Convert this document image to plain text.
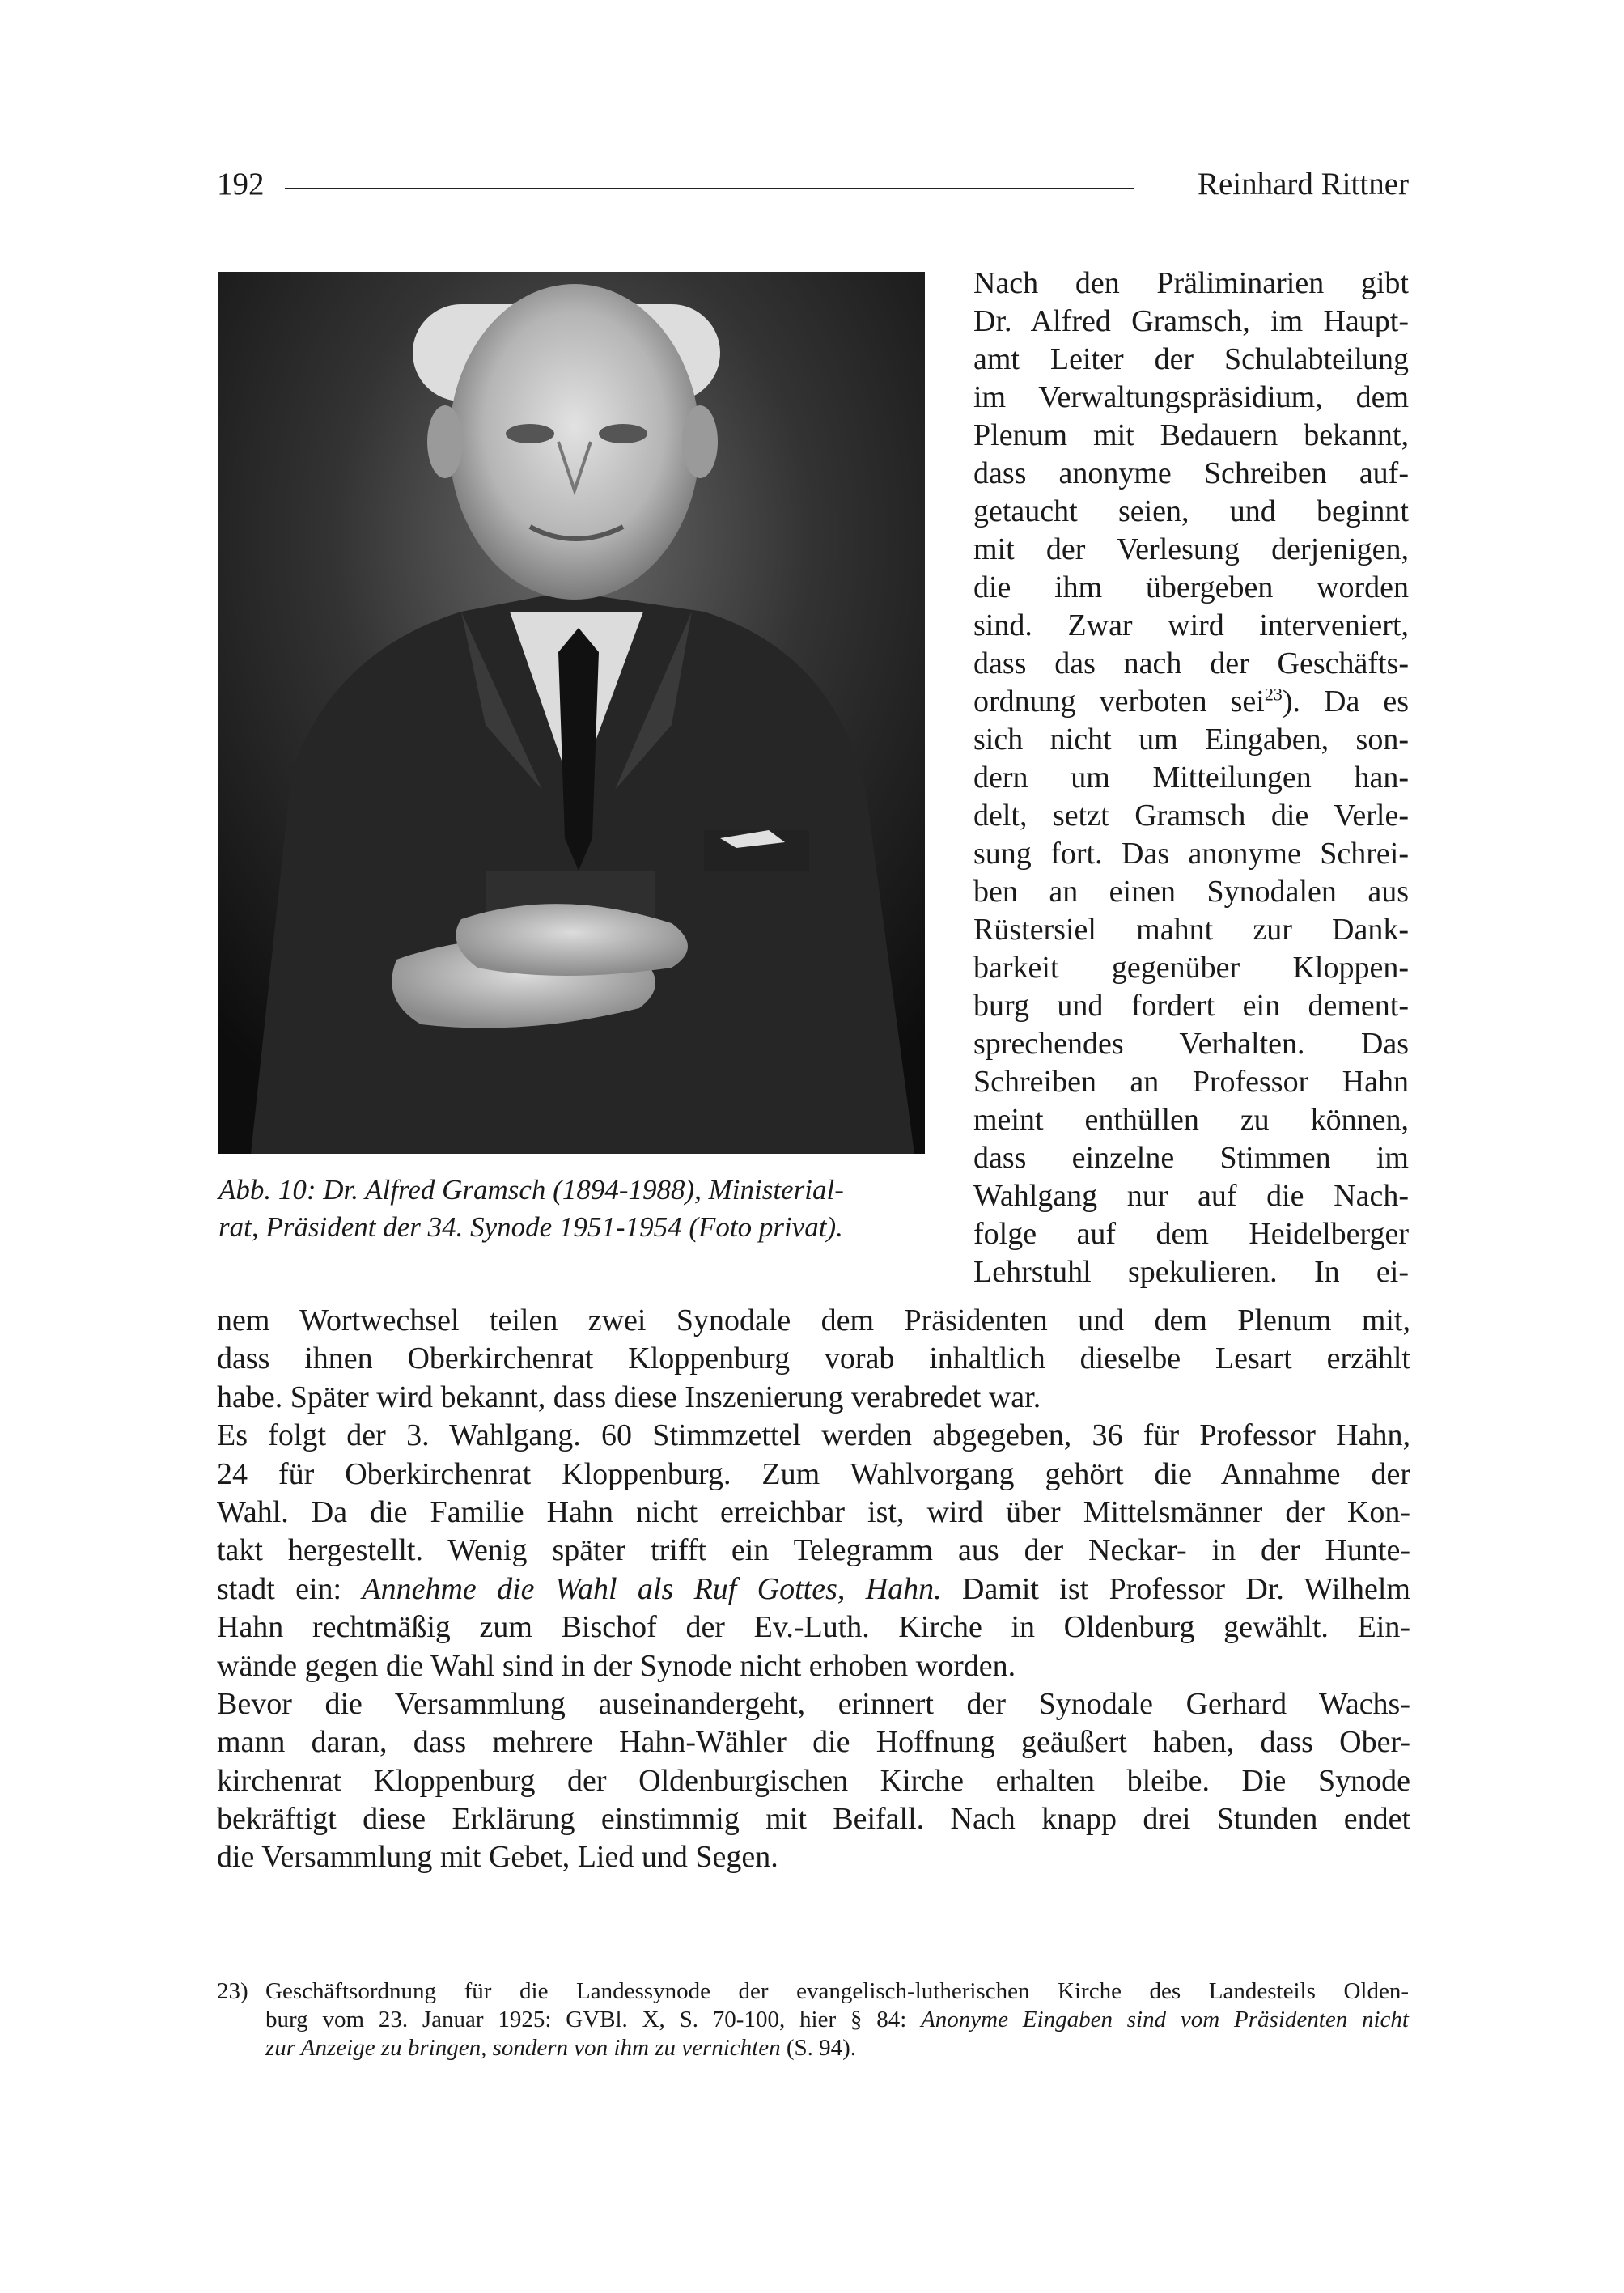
192	Reinhard Rittner
Abb. 10: Dr. Alfred Gramsch (1894-1988), Ministerial-
rat, Präsident der 34. Synode 1951-1954 (Foto privat).
Nach den Präliminarien gibt
Dr. Alfred Gramsch, im Haupt-
amt Leiter der Schulabteilung
im Verwaltungspräsidium, dem
Plenum mit Bedauern bekannt,
dass anonyme Schreiben auf-
getaucht seien, und beginnt
mit der Verlesung derjenigen,
die ihm übergeben worden
sind. Zwar wird interveniert,
dass das nach der Geschäfts-
ordnung verboten sei$^{23}$). Da es
sich nicht um Eingaben, son-
dern um Mitteilungen han-
delt, setzt Gramsch die Verle-
sung fort. Das anonyme Schrei-
ben an einen Synodalen aus
Rüstersiel mahnt zur Dank-
barkeit gegenüber Kloppen-
burg und fordert ein dement-
sprechendes Verhalten. Das
Schreiben an Professor Hahn
meint enthüllen zu können,
dass einzelne Stimmen im
Wahlgang nur auf die Nach-
folge auf dem Heidelberger
Lehrstuhl spekulieren. In ei-
nem Wortwechsel teilen zwei Synodale dem Präsidenten und dem Plenum mit,
dass ihnen Oberkirchenrat Kloppenburg vorab inhaltlich dieselbe Lesart erzählt
habe. Später wird bekannt, dass diese Inszenierung verabredet war.
Es folgt der 3. Wahlgang. 60 Stimmzettel werden abgegeben, 36 für Professor Hahn,
24 für Oberkirchenrat Kloppenburg. Zum Wahlvorgang gehört die Annahme der
Wahl. Da die Familie Hahn nicht erreichbar ist, wird über Mittelsmänner der Kon-
takt hergestellt. Wenig später trifft ein Telegramm aus der Neckar- in der Hunte-
stadt ein: Annehme die Wahl als Ruf Gottes, Hahn. Damit ist Professor Dr. Wilhelm
Hahn rechtmäßig zum Bischof der Ev.-Luth. Kirche in Oldenburg gewählt. Ein-
wände gegen die Wahl sind in der Synode nicht erhoben worden.
Bevor die Versammlung auseinandergeht, erinnert der Synodale Gerhard Wachs-
mann daran, dass mehrere Hahn-Wähler die Hoffnung geäußert haben, dass Ober-
kirchenrat Kloppenburg der Oldenburgischen Kirche erhalten bleibe. Die Synode
bekräftigt diese Erklärung einstimmig mit Beifall. Nach knapp drei Stunden endet
die Versammlung mit Gebet, Lied und Segen.
23) Geschäftsordnung für die Landessynode der evangelisch-lutherischen Kirche des Landesteils Olden-
burg vom 23. Januar 1925: GVBl. X, S. 70-100, hier § 84: Anonyme Eingaben sind vom Präsidenten nicht
zur Anzeige zu bringen, sondern von ihm zu vernichten (S. 94).
